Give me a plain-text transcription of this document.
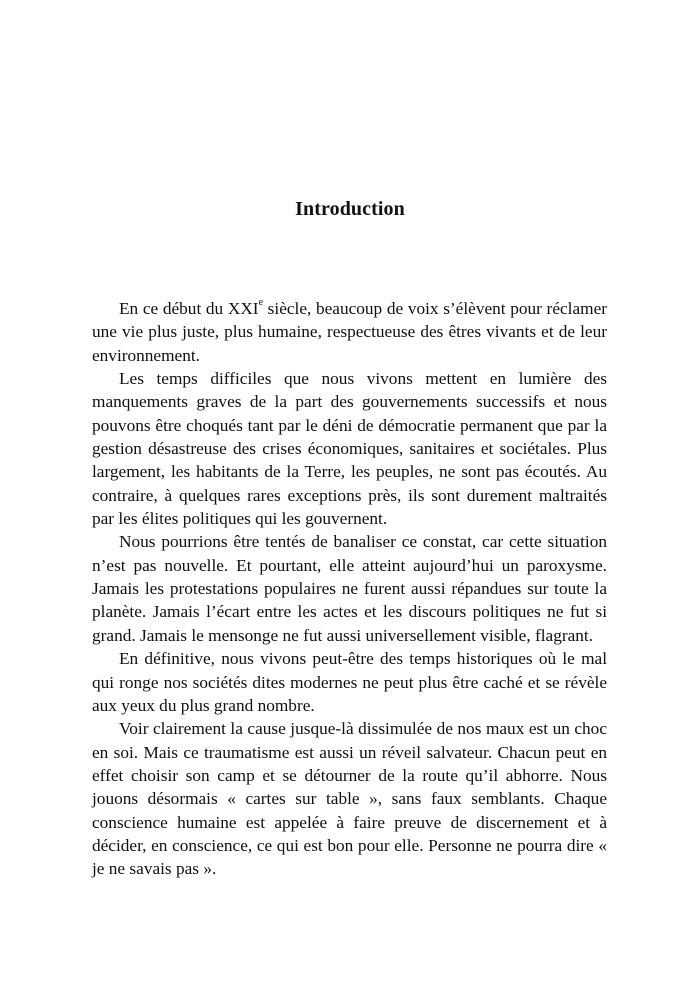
Introduction

En ce début du XXIe siècle, beaucoup de voix s’élèvent pour réclamer une vie plus juste, plus humaine, respectueuse des êtres vivants et de leur environnement.

Les temps difficiles que nous vivons mettent en lumière des manquements graves de la part des gouvernements successifs et nous pouvons être choqués tant par le déni de démocratie permanent que par la gestion désastreuse des crises économiques, sanitaires et sociétales. Plus largement, les habitants de la Terre, les peuples, ne sont pas écoutés. Au contraire, à quelques rares exceptions près, ils sont durement maltraités par les élites politiques qui les gouvernent.

Nous pourrions être tentés de banaliser ce constat, car cette situation n’est pas nouvelle. Et pourtant, elle atteint aujourd’hui un paroxysme. Jamais les protestations populaires ne furent aussi répandues sur toute la planète. Jamais l’écart entre les actes et les discours politiques ne fut si grand. Jamais le mensonge ne fut aussi universellement visible, flagrant.

En définitive, nous vivons peut-être des temps historiques où le mal qui ronge nos sociétés dites modernes ne peut plus être caché et se révèle aux yeux du plus grand nombre.

Voir clairement la cause jusque-là dissimulée de nos maux est un choc en soi. Mais ce traumatisme est aussi un réveil salvateur. Chacun peut en effet choisir son camp et se détourner de la route qu’il abhorre. Nous jouons désormais « cartes sur table », sans faux semblants. Chaque conscience humaine est appelée à faire preuve de discernement et à décider, en conscience, ce qui est bon pour elle. Personne ne pourra dire « je ne savais pas ».
